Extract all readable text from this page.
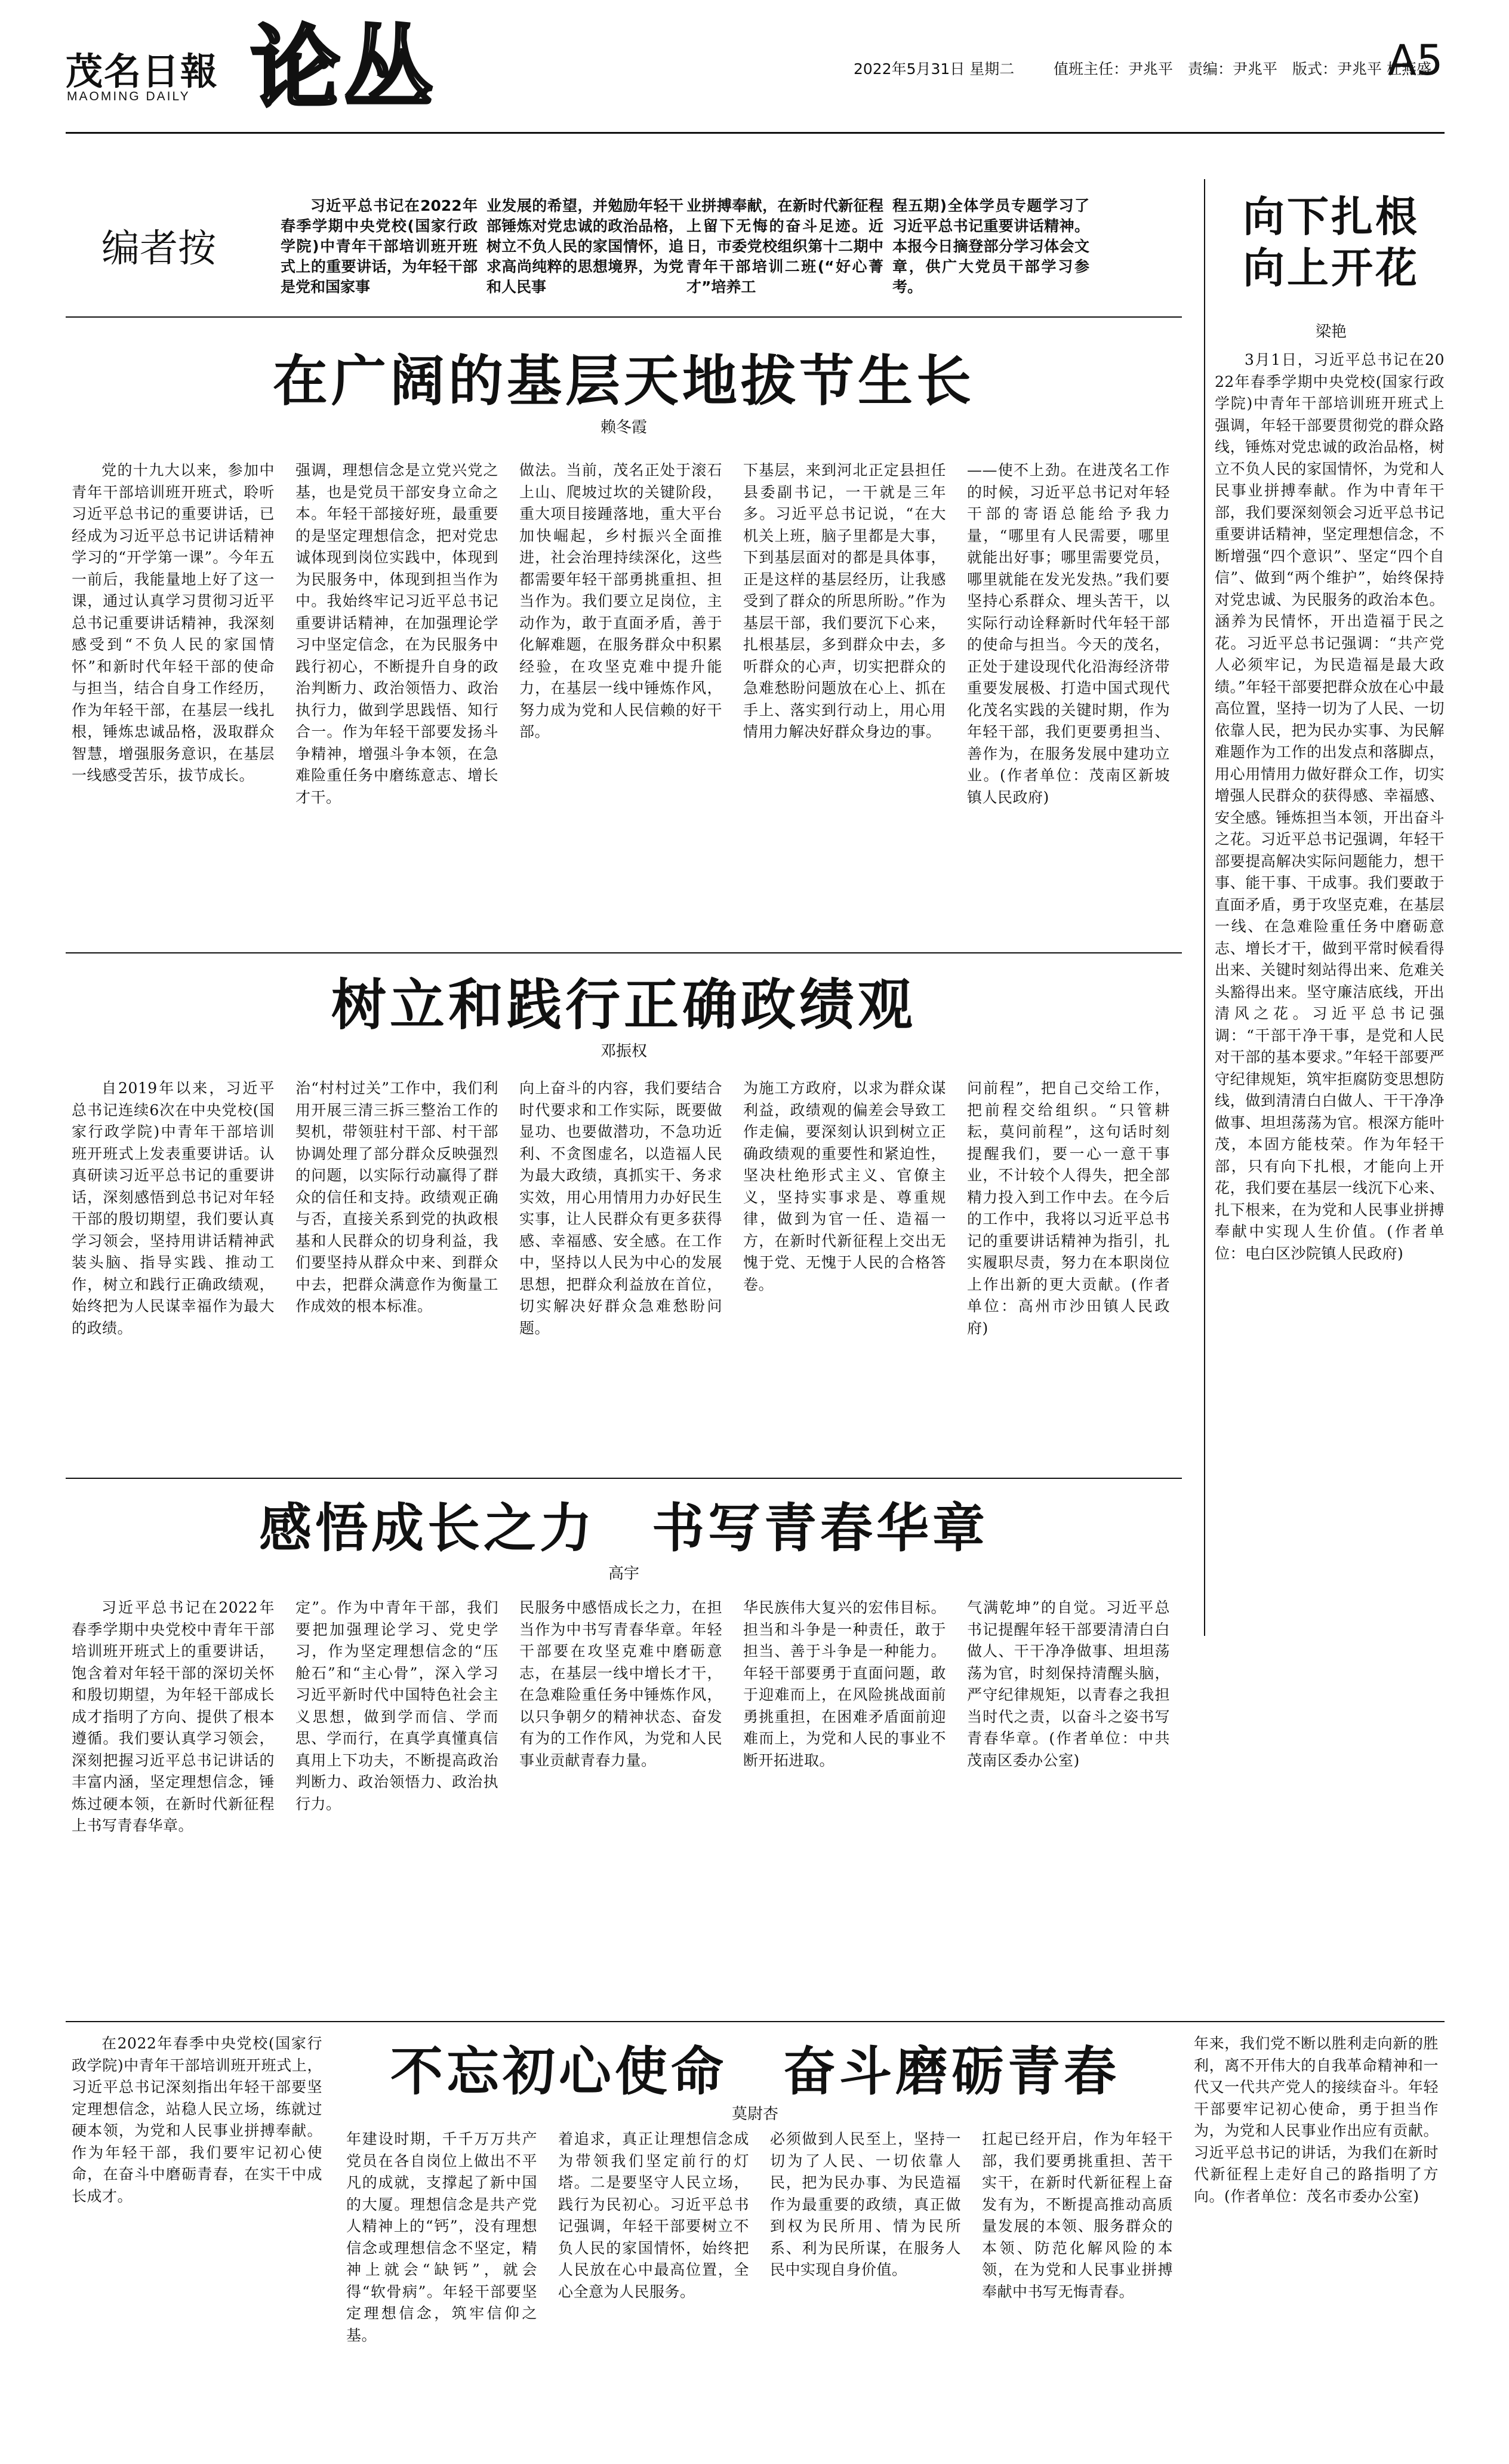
茂名日報
MAOMING DAILY 论丛	2022年5月31日 星期二	值班主任：尹兆平　责编：尹兆平　版式：尹兆平 杜燕盛
A5
编者按
习近平总书记在2022年春季学期中央党校(国家行政学院)中青年干部培训班开班式上的重要讲话，为年轻干部是党和国家事
业发展的希望，并勉励年轻干部锤炼对党忠诚的政治品格，树立不负人民的家国情怀，追求高尚纯粹的思想境界，为党和人民事
业拼搏奉献，在新时代新征程上留下无悔的奋斗足迹。近日，市委党校组织第十二期中青年干部培训二班(“好心菁才”培养工
程五期)全体学员专题学习了习近平总书记重要讲话精神。本报今日摘登部分学习体会文章，供广大党员干部学习参考。
向下扎根
向上开花
梁艳
3月1日，习近平总书记在2022年春季学期中央党校(国家行政学院)中青年干部培训班开班式上强调，年轻干部要贯彻党的群众路线，锤炼对党忠诚的政治品格，树立不负人民的家国情怀，为党和人民事业拼搏奉献。作为中青年干部，我们要深刻领会习近平总书记重要讲话精神，坚定理想信念，不断增强“四个意识”、坚定“四个自信”、做到“两个维护”，始终保持对党忠诚、为民服务的政治本色。涵养为民情怀，开出造福于民之花。习近平总书记强调：“共产党人必须牢记，为民造福是最大政绩。”年轻干部要把群众放在心中最高位置，坚持一切为了人民、一切依靠人民，把为民办实事、为民解难题作为工作的出发点和落脚点，用心用情用力做好群众工作，切实增强人民群众的获得感、幸福感、安全感。锤炼担当本领，开出奋斗之花。习近平总书记强调，年轻干部要提高解决实际问题能力，想干事、能干事、干成事。我们要敢于直面矛盾，勇于攻坚克难，在基层一线、在急难险重任务中磨砺意志、增长才干，做到平常时候看得出来、关键时刻站得出来、危难关头豁得出来。坚守廉洁底线，开出清风之花。习近平总书记强调：“干部干净干事，是党和人民对干部的基本要求。”年轻干部要严守纪律规矩，筑牢拒腐防变思想防线，做到清清白白做人、干干净净做事、坦坦荡荡为官。根深方能叶茂，本固方能枝荣。作为年轻干部，只有向下扎根，才能向上开花，我们要在基层一线沉下心来、扎下根来，在为党和人民事业拼搏奉献中实现人生价值。(作者单位：电白区沙院镇人民政府)
在广阔的基层天地拔节生长
赖冬霞
党的十九大以来，参加中青年干部培训班开班式，聆听习近平总书记的重要讲话，已经成为习近平总书记讲话精神学习的“开学第一课”。今年五一前后，我能量地上好了这一课，通过认真学习贯彻习近平总书记重要讲话精神，我深刻感受到“不负人民的家国情怀”和新时代年轻干部的使命与担当，结合自身工作经历，作为年轻干部，在基层一线扎根，锤炼忠诚品格，汲取群众智慧，增强服务意识，在基层一线感受苦乐，拔节成长。
强调，理想信念是立党兴党之基，也是党员干部安身立命之本。年轻干部接好班，最重要的是坚定理想信念，把对党忠诚体现到岗位实践中，体现到为民服务中，体现到担当作为中。我始终牢记习近平总书记重要讲话精神，在加强理论学习中坚定信念，在为民服务中践行初心，不断提升自身的政治判断力、政治领悟力、政治执行力，做到学思践悟、知行合一。作为年轻干部要发扬斗争精神，增强斗争本领，在急难险重任务中磨练意志、增长才干。
做法。当前，茂名正处于滚石上山、爬坡过坎的关键阶段，重大项目接踵落地，重大平台加快崛起，乡村振兴全面推进，社会治理持续深化，这些都需要年轻干部勇挑重担、担当作为。我们要立足岗位，主动作为，敢于直面矛盾，善于化解难题，在服务群众中积累经验，在攻坚克难中提升能力，在基层一线中锤炼作风，努力成为党和人民信赖的好干部。
下基层，来到河北正定县担任县委副书记，一干就是三年多。习近平总书记说，“在大机关上班，脑子里都是大事，下到基层面对的都是具体事，正是这样的基层经历，让我感受到了群众的所思所盼。”作为基层干部，我们要沉下心来，扎根基层，多到群众中去，多听群众的心声，切实把群众的急难愁盼问题放在心上、抓在手上、落实到行动上，用心用情用力解决好群众身边的事。
——使不上劲。在进茂名工作的时候，习近平总书记对年轻干部的寄语总能给予我力量，“哪里有人民需要，哪里就能出好事；哪里需要党员，哪里就能在发光发热。”我们要坚持心系群众、埋头苦干，以实际行动诠释新时代年轻干部的使命与担当。今天的茂名，正处于建设现代化沿海经济带重要发展极、打造中国式现代化茂名实践的关键时期，作为年轻干部，我们更要勇担当、善作为，在服务发展中建功立业。(作者单位：茂南区新坡镇人民政府)
树立和践行正确政绩观
邓振权
自2019年以来，习近平总书记连续6次在中央党校(国家行政学院)中青年干部培训班开班式上发表重要讲话。认真研读习近平总书记的重要讲话，深刻感悟到总书记对年轻干部的殷切期望，我们要认真学习领会，坚持用讲话精神武装头脑、指导实践、推动工作，树立和践行正确政绩观，始终把为人民谋幸福作为最大的政绩。
治“村村过关”工作中，我们利用开展三清三拆三整治工作的契机，带领驻村干部、村干部协调处理了部分群众反映强烈的问题，以实际行动赢得了群众的信任和支持。政绩观正确与否，直接关系到党的执政根基和人民群众的切身利益，我们要坚持从群众中来、到群众中去，把群众满意作为衡量工作成效的根本标准。
向上奋斗的内容，我们要结合时代要求和工作实际，既要做显功、也要做潜功，不急功近利、不贪图虚名，以造福人民为最大政绩，真抓实干、务求实效，用心用情用力办好民生实事，让人民群众有更多获得感、幸福感、安全感。在工作中，坚持以人民为中心的发展思想，把群众利益放在首位，切实解决好群众急难愁盼问题。
为施工方政府，以求为群众谋利益，政绩观的偏差会导致工作走偏，要深刻认识到树立正确政绩观的重要性和紧迫性，坚决杜绝形式主义、官僚主义，坚持实事求是、尊重规律，做到为官一任、造福一方，在新时代新征程上交出无愧于党、无愧于人民的合格答卷。
问前程”，把自己交给工作，把前程交给组织。“只管耕耘，莫问前程”，这句话时刻提醒我们，要一心一意干事业，不计较个人得失，把全部精力投入到工作中去。在今后的工作中，我将以习近平总书记的重要讲话精神为指引，扎实履职尽责，努力在本职岗位上作出新的更大贡献。(作者单位：高州市沙田镇人民政府)
感悟成长之力　书写青春华章
高宇
习近平总书记在2022年春季学期中央党校中青年干部培训班开班式上的重要讲话，饱含着对年轻干部的深切关怀和殷切期望，为年轻干部成长成才指明了方向、提供了根本遵循。我们要认真学习领会，深刻把握习近平总书记讲话的丰富内涵，坚定理想信念，锤炼过硬本领，在新时代新征程上书写青春华章。
定”。作为中青年干部，我们要把加强理论学习、党史学习，作为坚定理想信念的“压舱石”和“主心骨”，深入学习习近平新时代中国特色社会主义思想，做到学而信、学而思、学而行，在真学真懂真信真用上下功夫，不断提高政治判断力、政治领悟力、政治执行力。
民服务中感悟成长之力，在担当作为中书写青春华章。年轻干部要在攻坚克难中磨砺意志，在基层一线中增长才干，在急难险重任务中锤炼作风，以只争朝夕的精神状态、奋发有为的工作作风，为党和人民事业贡献青春力量。
华民族伟大复兴的宏伟目标。担当和斗争是一种责任，敢于担当、善于斗争是一种能力。年轻干部要勇于直面问题，敢于迎难而上，在风险挑战面前勇挑重担，在困难矛盾面前迎难而上，为党和人民的事业不断开拓进取。
气满乾坤”的自觉。习近平总书记提醒年轻干部要清清白白做人、干干净净做事、坦坦荡荡为官，时刻保持清醒头脑，严守纪律规矩，以青春之我担当时代之责，以奋斗之姿书写青春华章。(作者单位：中共茂南区委办公室)
不忘初心使命　奋斗磨砺青春
莫尉杏
在2022年春季中央党校(国家行政学院)中青年干部培训班开班式上，习近平总书记深刻指出年轻干部要坚定理想信念，站稳人民立场，练就过硬本领，为党和人民事业拼搏奉献。作为年轻干部，我们要牢记初心使命，在奋斗中磨砺青春，在实干中成长成才。
年建设时期，千千万万共产党员在各自岗位上做出不平凡的成就，支撑起了新中国的大厦。理想信念是共产党人精神上的“钙”，没有理想信念或理想信念不坚定，精神上就会“缺钙”，就会得“软骨病”。年轻干部要坚定理想信念，筑牢信仰之基。
着追求，真正让理想信念成为带领我们坚定前行的灯塔。二是要坚守人民立场，践行为民初心。习近平总书记强调，年轻干部要树立不负人民的家国情怀，始终把人民放在心中最高位置，全心全意为人民服务。
必须做到人民至上，坚持一切为了人民、一切依靠人民，把为民办事、为民造福作为最重要的政绩，真正做到权为民所用、情为民所系、利为民所谋，在服务人民中实现自身价值。
扛起已经开启，作为年轻干部，我们要勇挑重担、苦干实干，在新时代新征程上奋发有为，不断提高推动高质量发展的本领、服务群众的本领、防范化解风险的本领，在为党和人民事业拼搏奉献中书写无悔青春。
年来，我们党不断以胜利走向新的胜利，离不开伟大的自我革命精神和一代又一代共产党人的接续奋斗。年轻干部要牢记初心使命，勇于担当作为，为党和人民事业作出应有贡献。习近平总书记的讲话，为我们在新时代新征程上走好自己的路指明了方向。(作者单位：茂名市委办公室)
